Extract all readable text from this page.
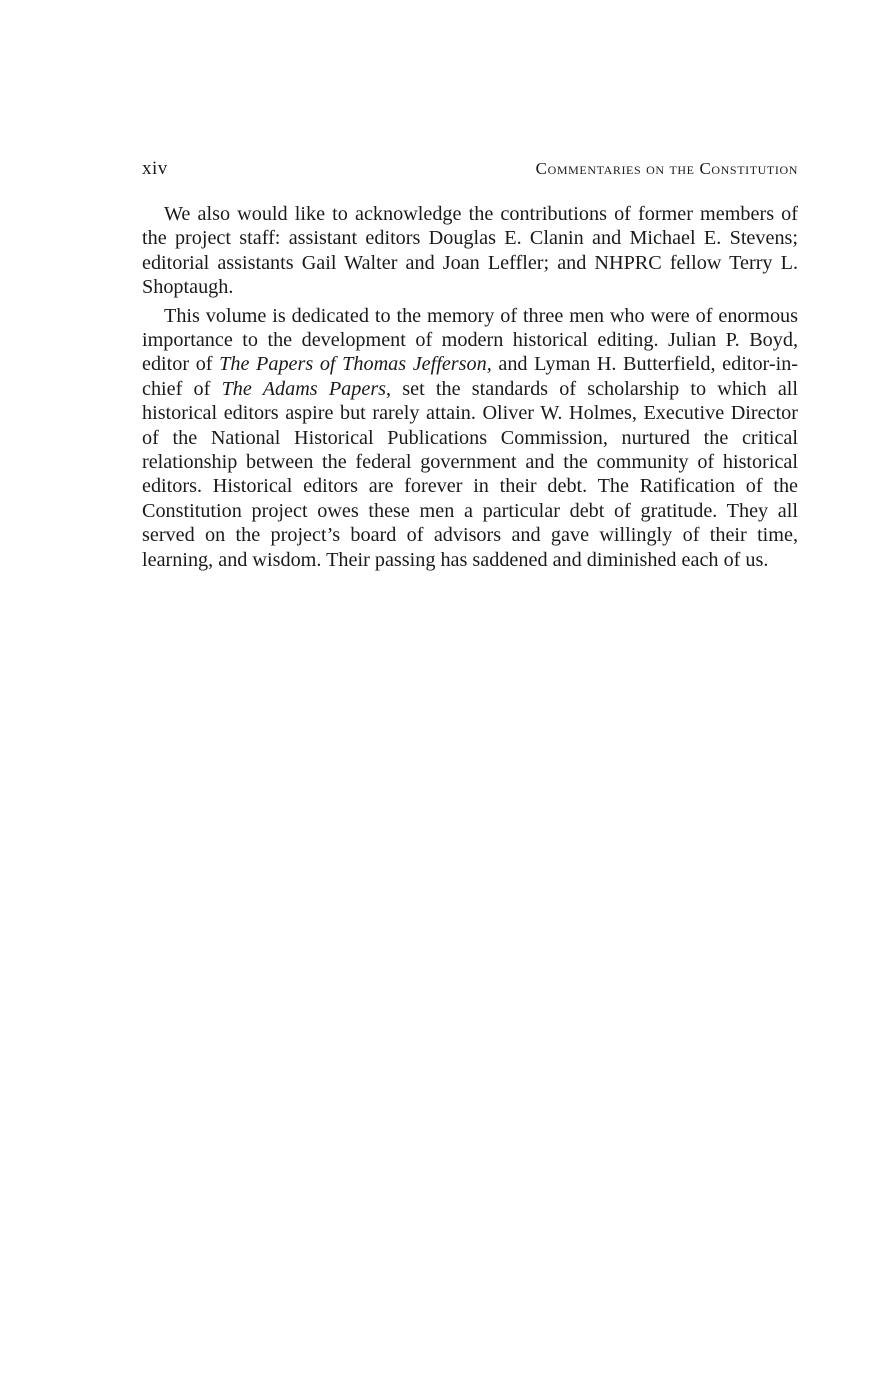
xiv	Commentaries on the Constitution

We also would like to acknowledge the contributions of former members of the project staff: assistant editors Douglas E. Clanin and Michael E. Stevens; editorial assistants Gail Walter and Joan Leffler; and NHPRC fellow Terry L. Shoptaugh.

This volume is dedicated to the memory of three men who were of enormous importance to the development of modern historical editing. Julian P. Boyd, editor of The Papers of Thomas Jefferson, and Lyman H. Butterfield, editor-in-chief of The Adams Papers, set the standards of scholarship to which all historical editors aspire but rarely attain. Oliver W. Holmes, Executive Director of the National Historical Publications Commission, nurtured the critical relationship between the federal government and the community of historical editors. Historical editors are forever in their debt. The Ratification of the Constitution project owes these men a particular debt of gratitude. They all served on the project’s board of advisors and gave willingly of their time, learning, and wisdom. Their passing has saddened and diminished each of us.
